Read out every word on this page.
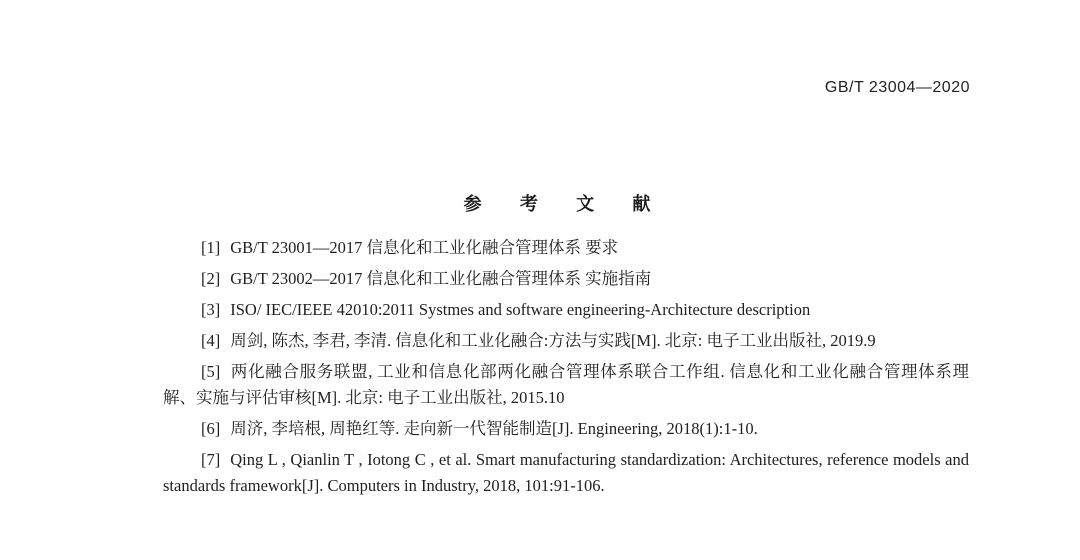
GB/T 23004—2020
参 考 文 献
[1] GB/T 23001—2017 信息化和工业化融合管理体系 要求
[2] GB/T 23002—2017 信息化和工业化融合管理体系 实施指南
[3] ISO/ IEC/IEEE 42010:2011 Systmes and software engineering-Architecture description
[4] 周剑, 陈杰, 李君, 李清. 信息化和工业化融合:方法与实践[M]. 北京: 电子工业出版社, 2019.9
[5] 两化融合服务联盟, 工业和信息化部两化融合管理体系联合工作组. 信息化和工业化融合管理体系理解、实施与评估审核[M]. 北京: 电子工业出版社, 2015.10
[6] 周济, 李培根, 周艳红等. 走向新一代智能制造[J]. Engineering, 2018(1):1-10.
[7] Qing L , Qianlin T , Iotong C , et al. Smart manufacturing standardization: Architectures, reference models and standards framework[J]. Computers in Industry, 2018, 101:91-106.
